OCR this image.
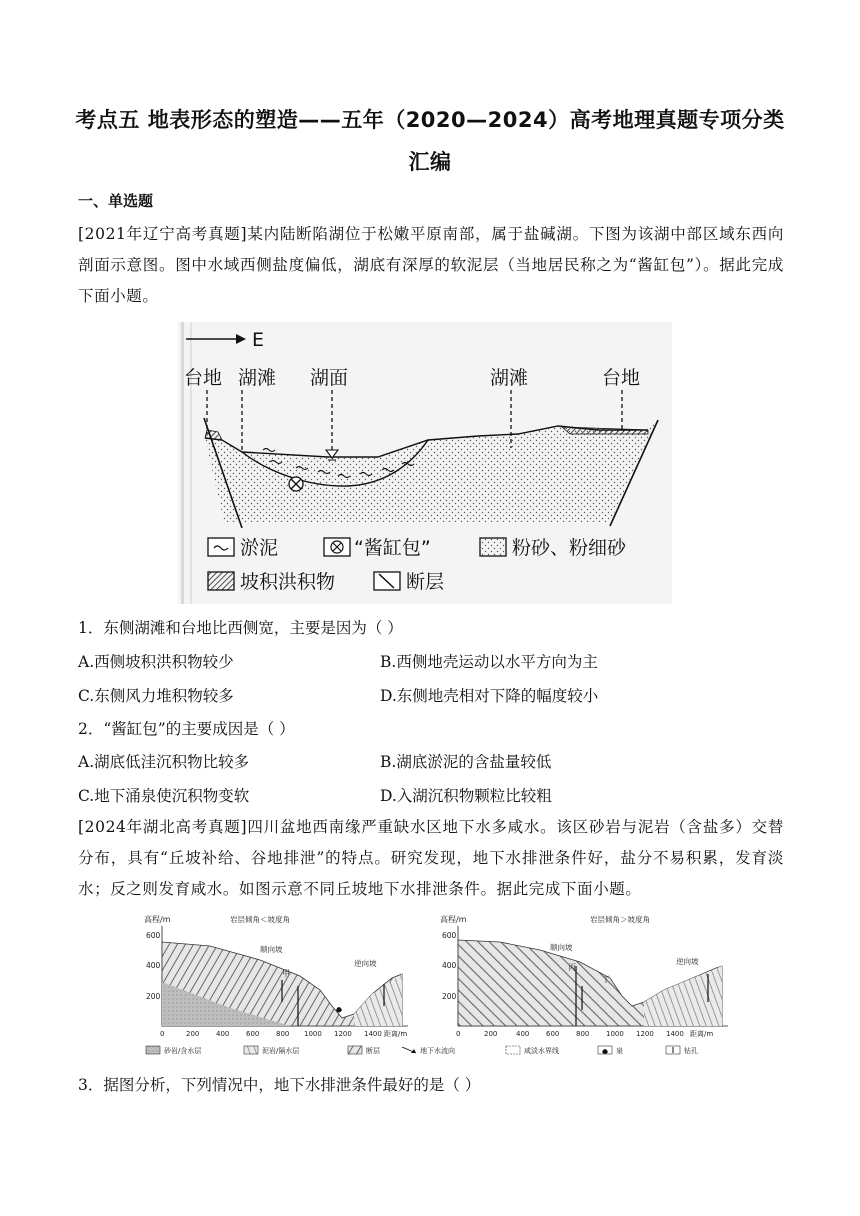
考点五 地表形态的塑造——五年（2020—2024）高考地理真题专项分类
汇编
一、单选题
[2021年辽宁高考真题]某内陆断陷湖位于松嫩平原南部，属于盐碱湖。下图为该湖中部区域东西向剖面示意图。图中水域西侧盐度偏低，湖底有深厚的软泥层（当地居民称之为“酱缸包”）。据此完成下面小题。
E
台地 湖滩 湖面	湖滩	台地
淤泥	“酱缸包”	粉砂、粉细砂
坡积洪积物	断层
1．东侧湖滩和台地比西侧宽，主要是因为（ ）
A.西侧坡积洪积物较少	B.西侧地壳运动以水平方向为主
C.东侧风力堆积物较多	D.东侧地壳相对下降的幅度较小
2．“酱缸包”的主要成因是（ ）
A.湖底低洼沉积物比较多	B.湖底淤泥的含盐量较低
C.地下涌泉使沉积物变软	D.入湖沉积物颗粒比较粗
[2024年湖北高考真题]四川盆地西南缘严重缺水区地下水多咸水。该区砂岩与泥岩（含盐多）交替分布，具有“丘坡补给、谷地排泄”的特点。研究发现，地下水排泄条件好，盐分不易积累，发育淡水；反之则发育咸水。如图示意不同丘坡地下水排泄条件。据此完成下面小题。
高程/m
600
400
200
岩层倾角＜坡度角
顺向坡
逆向坡
甲
0	200 400 600 800 1000 1200 1400 距离/m
高程/m
600
400
200
岩层倾角＞坡度角
顺向坡
逆向坡
丙
丁
0	200	400 600 800 1000 1200 1400 距离/m
砂岩/含水层	泥岩/隔水层	断层	地下水流向	咸淡水界线	泉	钻孔
3．据图分析，下列情况中，地下水排泄条件最好的是（ ）
